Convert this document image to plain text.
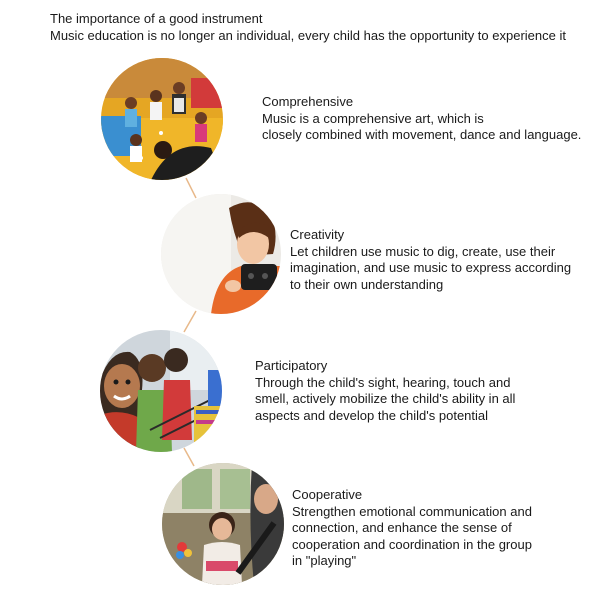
The importance of a good instrument
Music education is no longer an individual, every child has the opportunity to experience it
Comprehensive
Music is a comprehensive art, which is
closely combined with movement, dance and language.
Creativity
Let children use music to dig, create, use their
imagination, and use music to express according
to their own understanding
Participatory
Through the child's sight, hearing, touch and
smell, actively mobilize the child's ability in all
aspects and develop the child's potential
Cooperative
Strengthen emotional communication and
connection, and enhance the sense of
cooperation and coordination in the group
in "playing"
